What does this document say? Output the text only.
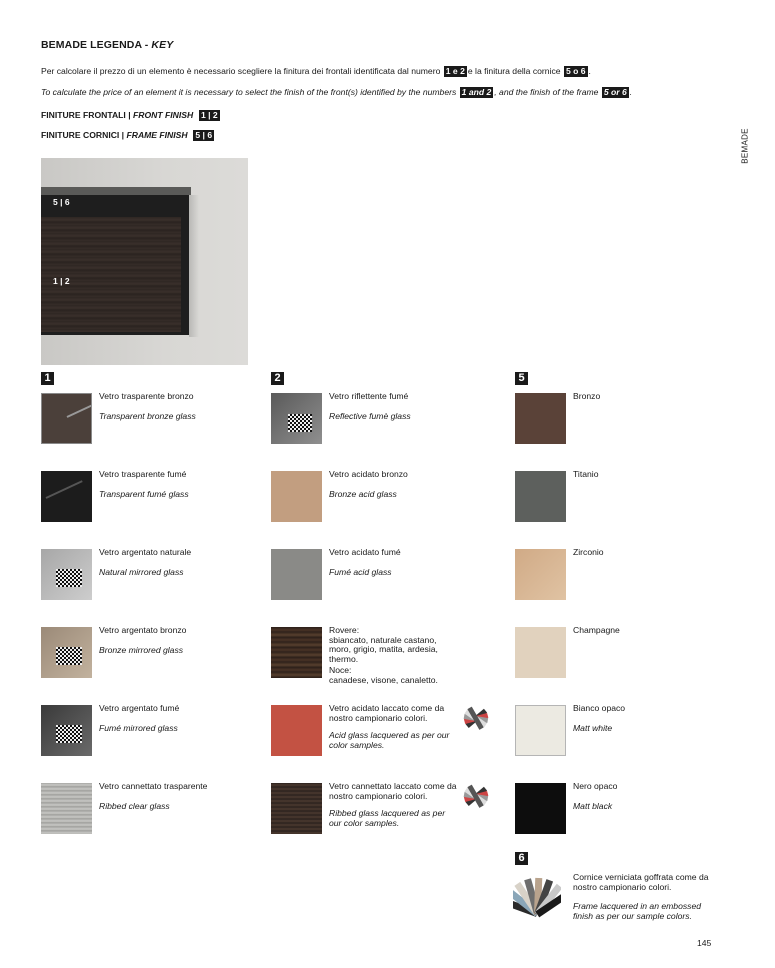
BEMADE LEGENDA - KEY
Per calcolare il prezzo di un elemento è necessario scegliere la finitura dei frontali identificata dal numero 1 e 2 e la finitura della cornice 5 o 6 .
To calculate the price of an element it is necessary to select the finish of the front(s) identified by the numbers 1 and 2 , and the finish of the frame 5 or 6 .
FINITURE FRONTALI | FRONT FINISH 1 | 2
FINITURE CORNICI | FRAME FINISH 5 | 6	BEMADE
5 | 6
1 | 2
1	2	5
6
Vetro trasparente bronzo
Transparent bronze glass
Vetro trasparente fumé
Transparent fumé glass
Vetro argentato naturale
Natural mirrored glass
Vetro argentato bronzo
Bronze mirrored glass
Vetro argentato fumé
Fumé mirrored glass
Vetro cannettato trasparente
Ribbed clear glass
Vetro riflettente fumé
Reflective fumè glass
Vetro acidato bronzo
Bronze acid glass
Vetro acidato fumé
Fumé acid glass
Rovere:
sbiancato, naturale castano, moro, grigio, matita, ardesia, thermo.
Noce:
canadese, visone, canaletto.
Vetro acidato laccato come da nostro campionario colori.
Acid glass lacquered as per our color samples.
Vetro cannettato laccato come da nostro campionario colori.
Ribbed glass lacquered as per our color samples.
Bronzo
Titanio
Zirconio
Champagne
Bianco opaco
Matt white
Nero opaco
Matt black
Cornice verniciata goffrata come da nostro campionario colori.
Frame lacquered in an embossed finish as per our sample colors.
145
